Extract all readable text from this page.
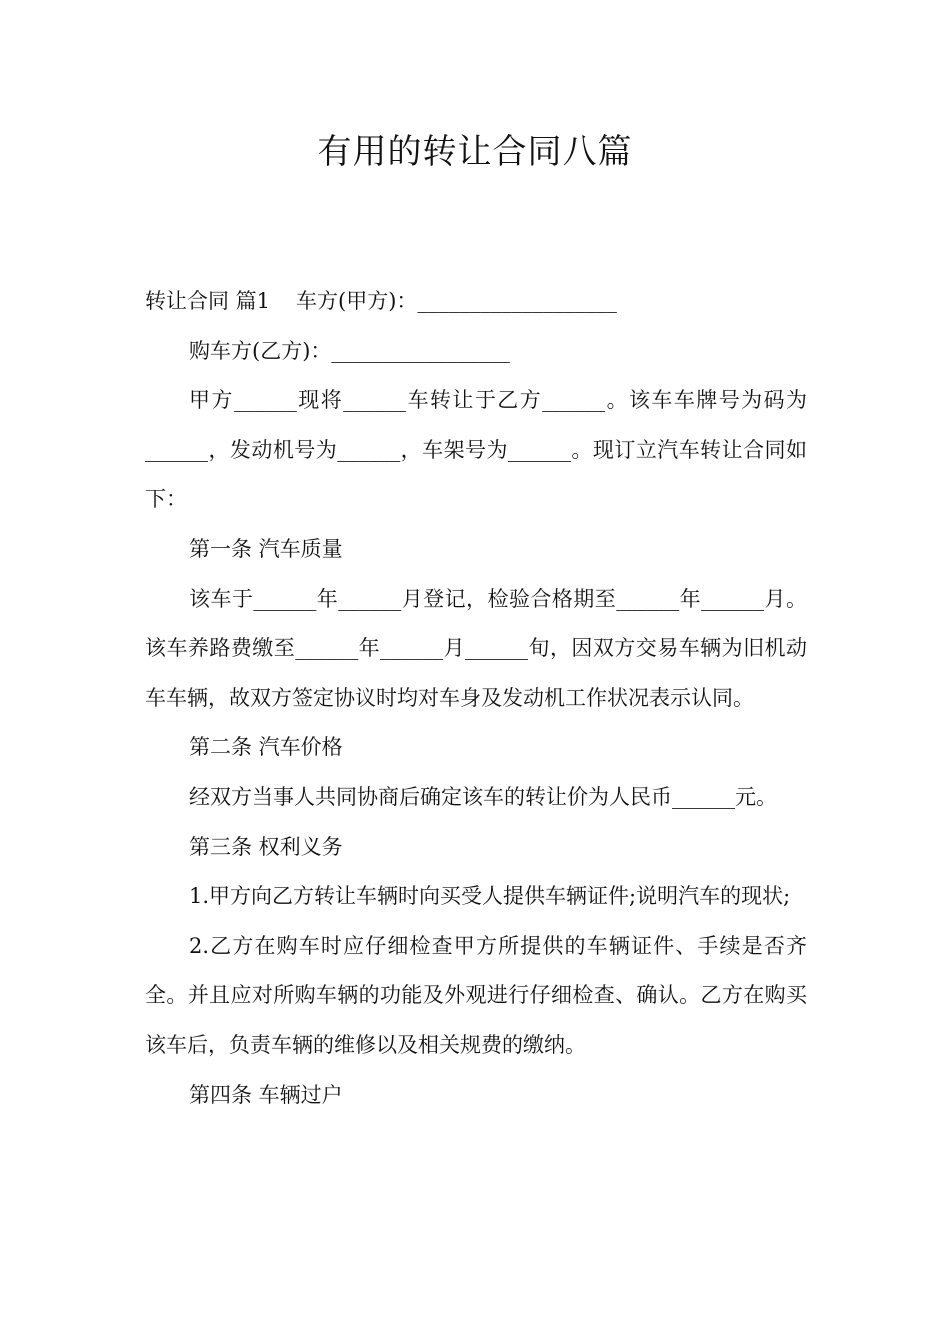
有用的转让合同八篇

转让合同 篇1 车方(甲方)：___________________

购车方(乙方)：_________________

甲方______现将______车转让于乙方______。该车车牌号为码为______，发动机号为______，车架号为______。现订立汽车转让合同如下：

第一条 汽车质量

该车于______年______月登记，检验合格期至______年______月。该车养路费缴至______年______月______旬，因双方交易车辆为旧机动车车辆，故双方签定协议时均对车身及发动机工作状况表示认同。

第二条 汽车价格

经双方当事人共同协商后确定该车的转让价为人民币______元。

第三条 权利义务

1.甲方向乙方转让车辆时向买受人提供车辆证件;说明汽车的现状;

2.乙方在购车时应仔细检查甲方所提供的车辆证件、手续是否齐全。并且应对所购车辆的功能及外观进行仔细检查、确认。乙方在购买该车后，负责车辆的维修以及相关规费的缴纳。

第四条 车辆过户
